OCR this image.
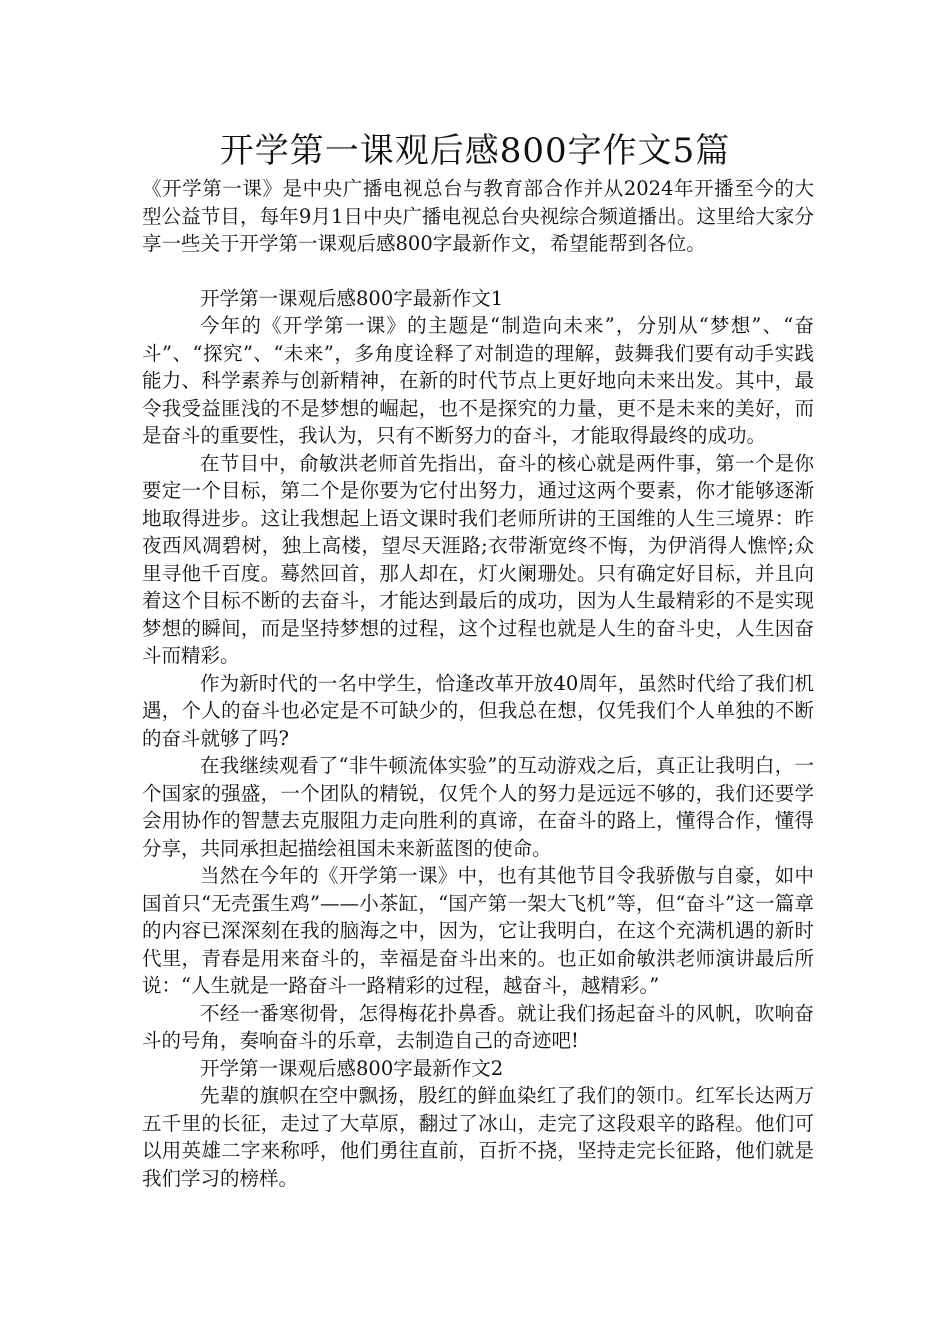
开学第一课观后感800字作文5篇

《开学第一课》是中央广播电视总台与教育部合作并从2024年开播至今的大型公益节目，每年9月1日中央广播电视总台央视综合频道播出。这里给大家分享一些关于开学第一课观后感800字最新作文，希望能帮到各位。

开学第一课观后感800字最新作文1

今年的《开学第一课》的主题是“制造向未来”，分别从“梦想”、“奋斗”、“探究”、“未来”，多角度诠释了对制造的理解，鼓舞我们要有动手实践能力、科学素养与创新精神，在新的时代节点上更好地向未来出发。其中，最令我受益匪浅的不是梦想的崛起，也不是探究的力量，更不是未来的美好，而是奋斗的重要性，我认为，只有不断努力的奋斗，才能取得最终的成功。

在节目中，俞敏洪老师首先指出，奋斗的核心就是两件事，第一个是你要定一个目标，第二个是你要为它付出努力，通过这两个要素，你才能够逐渐地取得进步。这让我想起上语文课时我们老师所讲的王国维的人生三境界：昨夜西风凋碧树，独上高楼，望尽天涯路;衣带渐宽终不悔，为伊消得人憔悴;众里寻他千百度。蓦然回首，那人却在，灯火阑珊处。只有确定好目标，并且向着这个目标不断的去奋斗，才能达到最后的成功，因为人生最精彩的不是实现梦想的瞬间，而是坚持梦想的过程，这个过程也就是人生的奋斗史，人生因奋斗而精彩。

作为新时代的一名中学生，恰逢改革开放40周年，虽然时代给了我们机遇，个人的奋斗也必定是不可缺少的，但我总在想，仅凭我们个人单独的不断的奋斗就够了吗?

在我继续观看了“非牛顿流体实验”的互动游戏之后，真正让我明白，一个国家的强盛，一个团队的精锐，仅凭个人的努力是远远不够的，我们还要学会用协作的智慧去克服阻力走向胜利的真谛，在奋斗的路上，懂得合作，懂得分享，共同承担起描绘祖国未来新蓝图的使命。

当然在今年的《开学第一课》中，也有其他节目令我骄傲与自豪，如中国首只“无壳蛋生鸡”——小茶缸，“国产第一架大飞机”等，但“奋斗”这一篇章的内容已深深刻在我的脑海之中，因为，它让我明白，在这个充满机遇的新时代里，青春是用来奋斗的，幸福是奋斗出来的。也正如俞敏洪老师演讲最后所说：“人生就是一路奋斗一路精彩的过程，越奋斗，越精彩。”

不经一番寒彻骨，怎得梅花扑鼻香。就让我们扬起奋斗的风帆，吹响奋斗的号角，奏响奋斗的乐章，去制造自己的奇迹吧!

开学第一课观后感800字最新作文2

先辈的旗帜在空中飘扬，殷红的鲜血染红了我们的领巾。红军长达两万五千里的长征，走过了大草原，翻过了冰山，走完了这段艰辛的路程。他们可以用英雄二字来称呼，他们勇往直前，百折不挠，坚持走完长征路，他们就是我们学习的榜样。
